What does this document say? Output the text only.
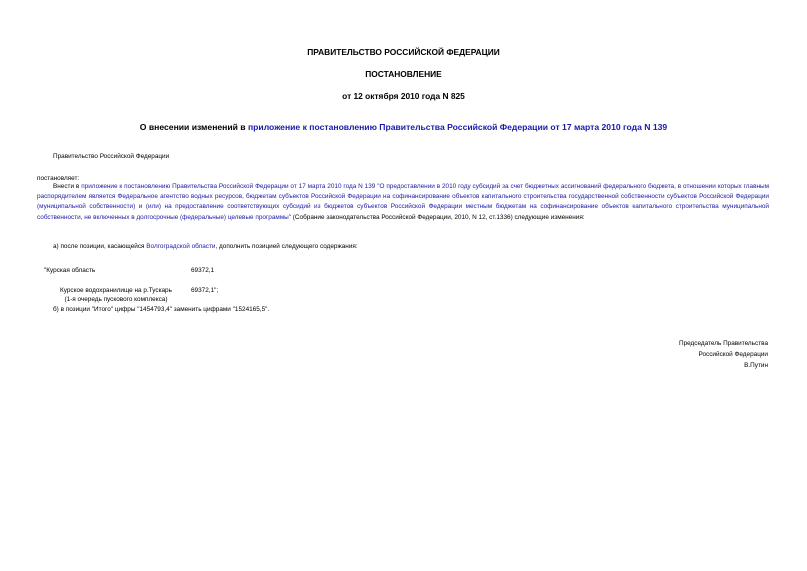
ПРАВИТЕЛЬСТВО РОССИЙСКОЙ ФЕДЕРАЦИИ
ПОСТАНОВЛЕНИЕ
от 12 октября 2010 года N 825
О внесении изменений в приложение к постановлению Правительства Российской Федерации от 17 марта 2010 года N 139
Правительство Российской Федерации
постановляет:
Внести в приложение к постановлению Правительства Российской Федерации от 17 марта 2010 года N 139 "О предоставлении в 2010 году субсидий за счет бюджетных ассигнований федерального бюджета, в отношении которых главным распорядителем является Федеральное агентство водных ресурсов, бюджетам субъектов Российской Федерации на софинансирование объектов капитального строительства государственной собственности субъектов Российской Федерации (муниципальной собственности) и (или) на предоставление соответствующих субсидий из бюджетов субъектов Российской Федерации местным бюджетам на софинансирование объектов капитального строительства муниципальной собственности, не включенных в долгосрочные (федеральные) целевые программы" (Собрание законодательства Российской Федерации, 2010, N 12, ст.1336) следующие изменения:
а) после позиции, касающейся Волгоградской области, дополнить позицией следующего содержания:
"Курская область	69372,1
Курское водохранилище на р.Тускарь
(1-я очередь пускового комплекса)
69372,1";
б) в позиции "Итого" цифры "1454793,4" заменить цифрами "1524165,5".
Председатель Правительства
Российской Федерации
В.Путин
